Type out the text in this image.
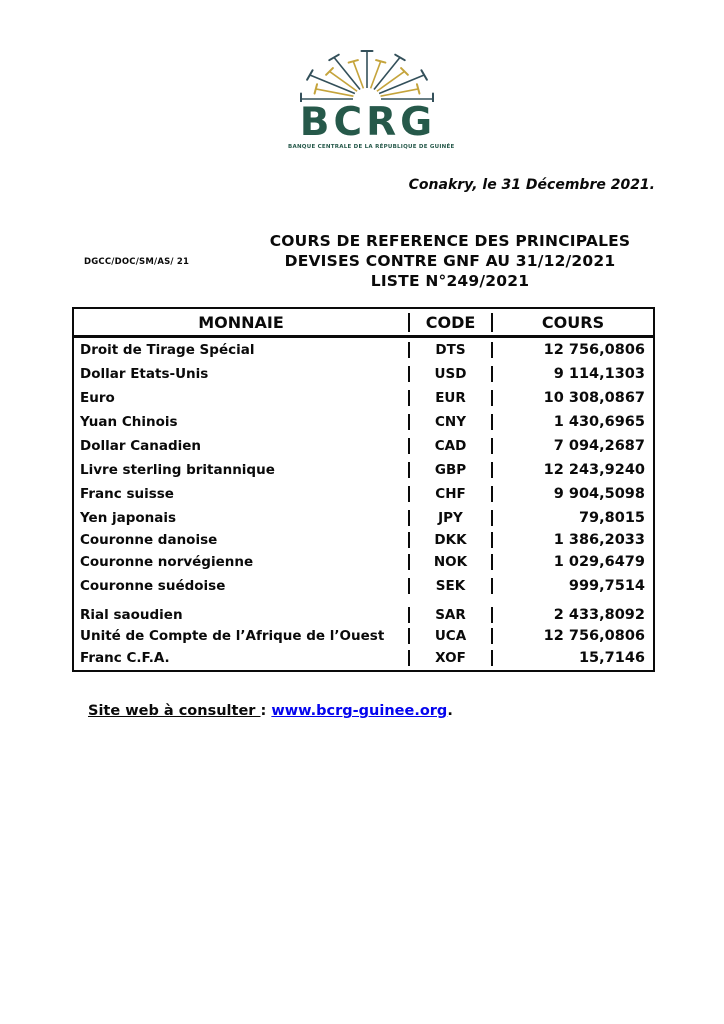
BCRG
BANQUE CENTRALE DE LA RÉPUBLIQUE DE GUINÉE
Conakry, le 31 Décembre 2021.
DGCC/DOC/SM/AS/ 21
COURS DE REFERENCE DES PRINCIPALES
DEVISES CONTRE GNF AU 31/12/2021
LISTE N°249/2021
MONNAIE	CODE	COURS
Droit de Tirage Spécial	DTS	12 756,0806
Dollar Etats-Unis	USD	9 114,1303
Euro	EUR	10 308,0867
Yuan Chinois	CNY	1 430,6965
Dollar Canadien	CAD	7 094,2687
Livre sterling britannique	GBP	12 243,9240
Franc suisse	CHF	9 904,5098
Yen japonais	JPY	79,8015
Couronne danoise	DKK	1 386,2033
Couronne norvégienne	NOK	1 029,6479
Couronne suédoise	SEK	999,7514
Rial saoudien	SAR	2 433,8092
Unité de Compte de l’Afrique de l’Ouest	UCA	12 756,0806
Franc C.F.A.	XOF	15,7146
Site web à consulter : www.bcrg-guinee.org.
